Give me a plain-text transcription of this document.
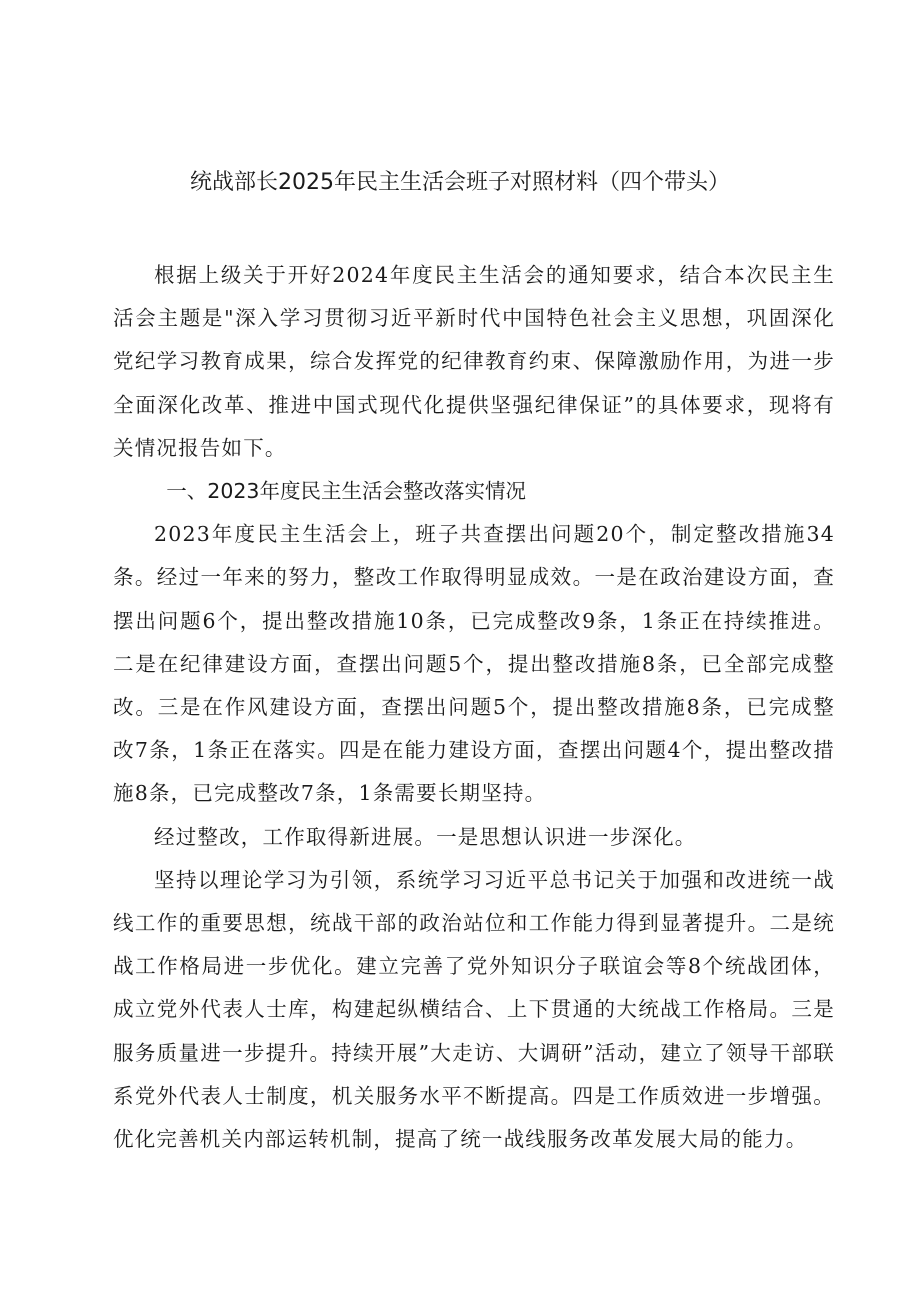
统战部长2025年民主生活会班子对照材料（四个带头）

根据上级关于开好2024年度民主生活会的通知要求，结合本次民主生活会主题是"深入学习贯彻习近平新时代中国特色社会主义思想，巩固深化党纪学习教育成果，综合发挥党的纪律教育约束、保障激励作用，为进一步全面深化改革、推进中国式现代化提供坚强纪律保证”的具体要求，现将有关情况报告如下。

一、2023年度民主生活会整改落实情况

2023年度民主生活会上，班子共查摆出问题20个，制定整改措施34条。经过一年来的努力，整改工作取得明显成效。一是在政治建设方面，查摆出问题6个，提出整改措施10条，已完成整改9条，1条正在持续推进。二是在纪律建设方面，查摆出问题5个，提出整改措施8条，已全部完成整改。三是在作风建设方面，查摆出问题5个，提出整改措施8条，已完成整改7条，1条正在落实。四是在能力建设方面，查摆出问题4个，提出整改措施8条，已完成整改7条，1条需要长期坚持。

经过整改，工作取得新进展。一是思想认识进一步深化。

坚持以理论学习为引领，系统学习习近平总书记关于加强和改进统一战线工作的重要思想，统战干部的政治站位和工作能力得到显著提升。二是统战工作格局进一步优化。建立完善了党外知识分子联谊会等8个统战团体，成立党外代表人士库，构建起纵横结合、上下贯通的大统战工作格局。三是服务质量进一步提升。持续开展”大走访、大调研”活动，建立了领导干部联系党外代表人士制度，机关服务水平不断提高。四是工作质效进一步增强。优化完善机关内部运转机制，提高了统一战线服务改革发展大局的能力。
